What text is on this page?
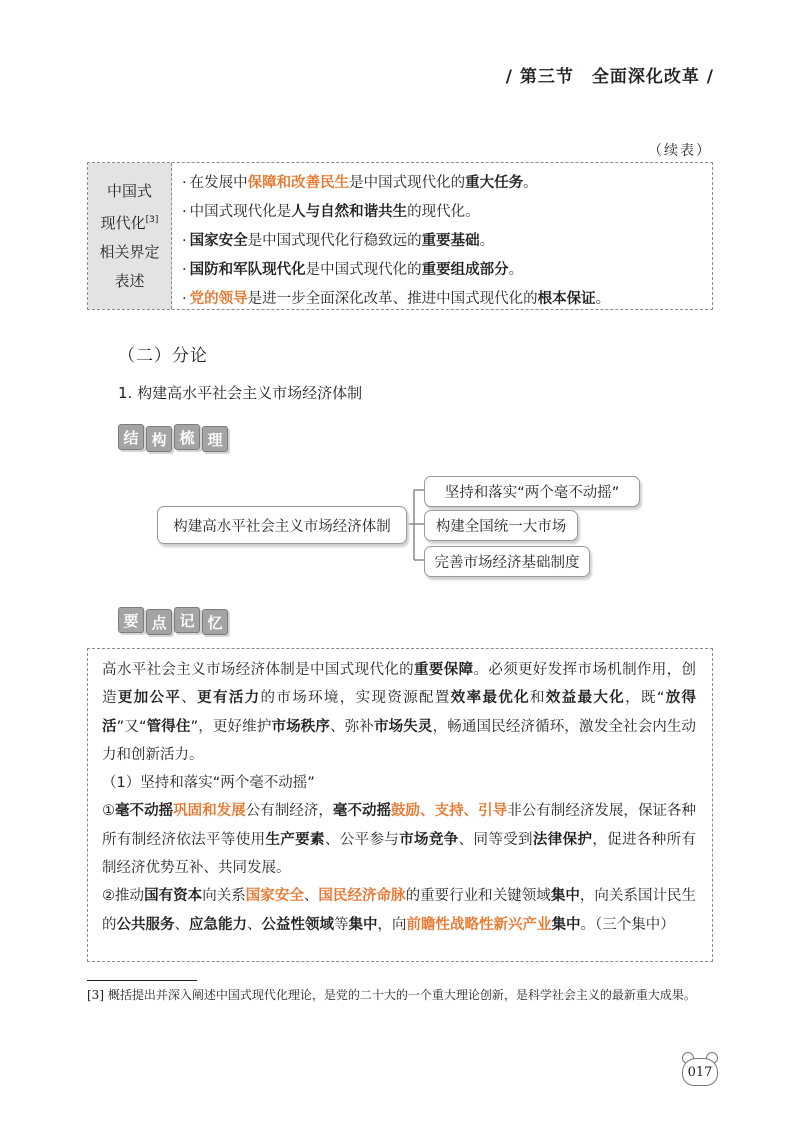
/ 第三节　全面深化改革 /
（续表）
中国式
现代化[3]
相关界定
表述
· 在发展中保障和改善民生是中国式现代化的重大任务。
· 中国式现代化是人与自然和谐共生的现代化。
· 国家安全是中国式现代化行稳致远的重要基础。
· 国防和军队现代化是中国式现代化的重要组成部分。
· 党的领导是进一步全面深化改革、推进中国式现代化的根本保证。
（二）分论
1. 构建高水平社会主义市场经济体制
结 构 梳 理
构建高水平社会主义市场经济体制
坚持和落实“两个毫不动摇”
构建全国统一大市场
完善市场经济基础制度
要 点 记 忆

高水平社会主义市场经济体制是中国式现代化的重要保障。必须更好发挥市场机制作用，创造更加公平、更有活力的市场环境，实现资源配置效率最优化和效益最大化，既“放得活”又“管得住”，更好维护市场秩序、弥补市场失灵，畅通国民经济循环，激发全社会内生动力和创新活力。

（1）坚持和落实“两个毫不动摇”

①毫不动摇巩固和发展公有制经济，毫不动摇鼓励、支持、引导非公有制经济发展，保证各种所有制经济依法平等使用生产要素、公平参与市场竞争、同等受到法律保护，促进各种所有制经济优势互补、共同发展。

②推动国有资本向关系国家安全、国民经济命脉的重要行业和关键领域集中，向关系国计民生的公共服务、应急能力、公益性领域等集中，向前瞻性战略性新兴产业集中。（三个集中）

[3] 概括提出并深入阐述中国式现代化理论，是党的二十大的一个重大理论创新，是科学社会主义的最新重大成果。
017
